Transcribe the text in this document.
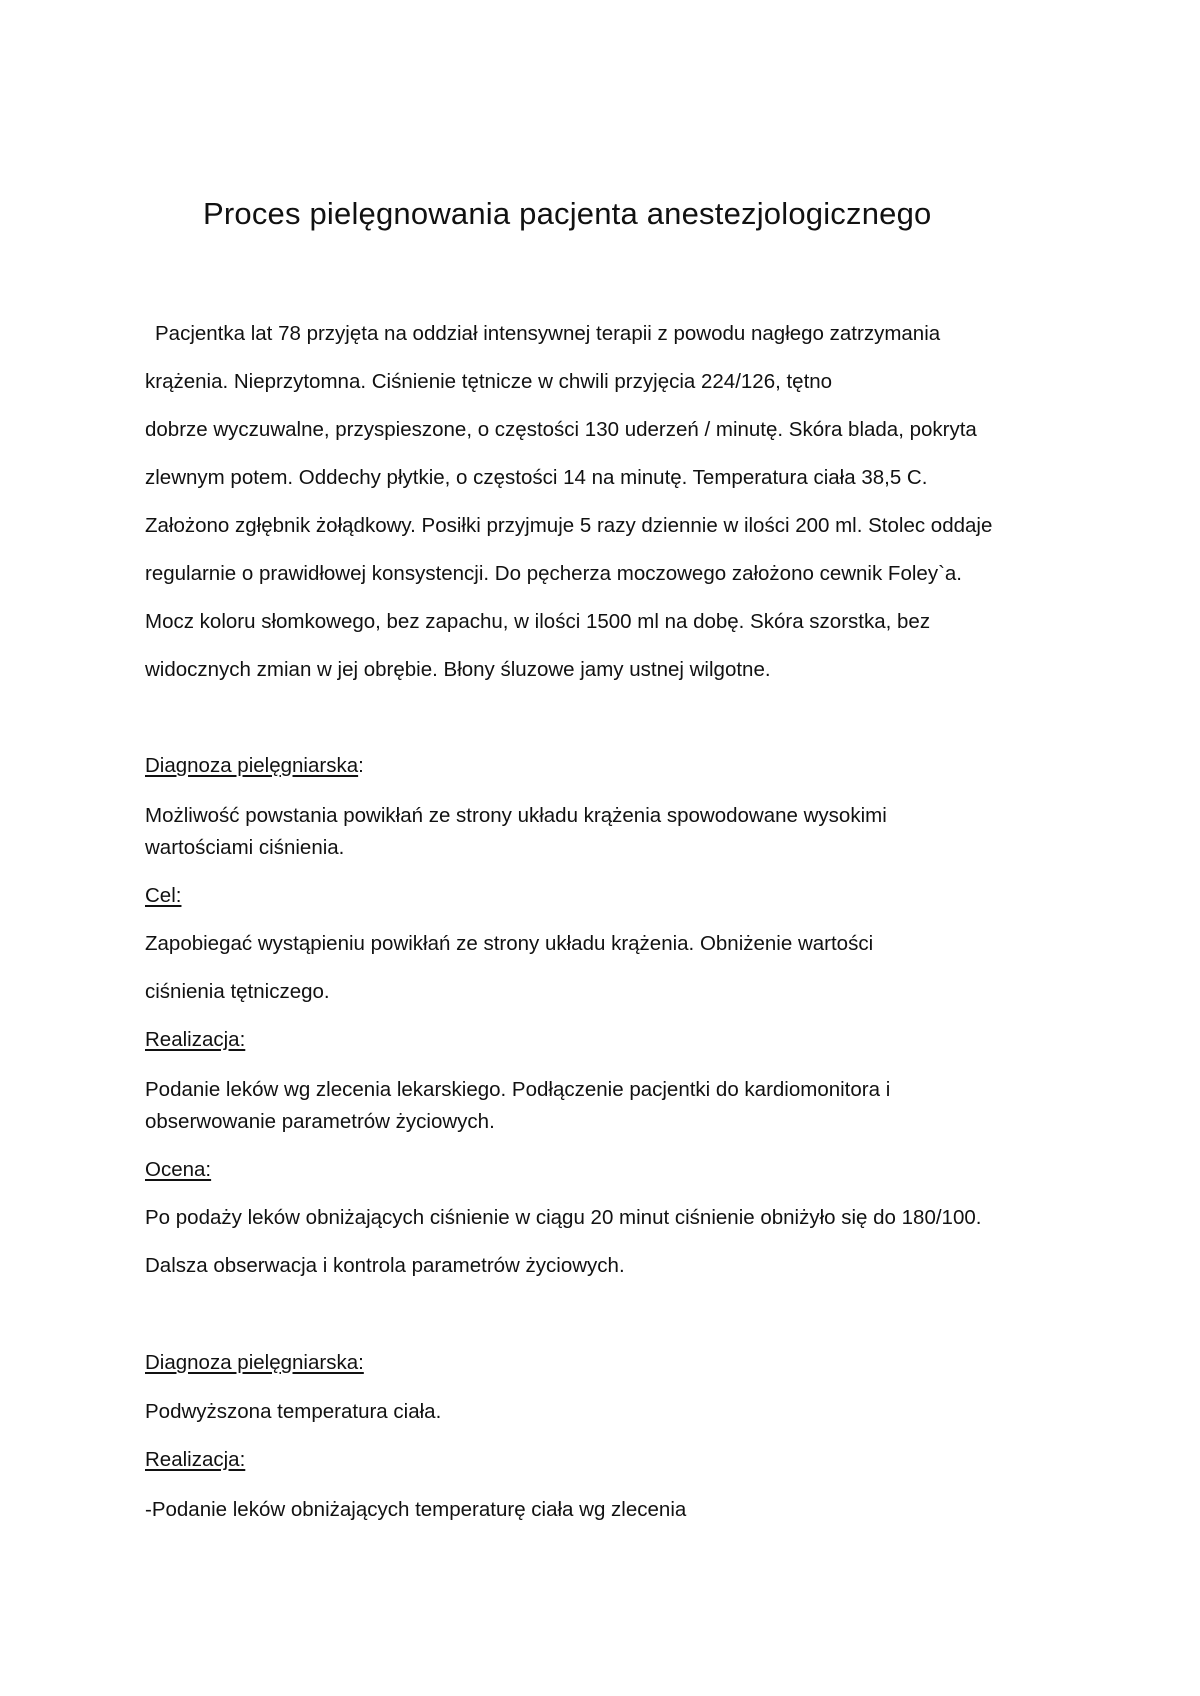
Proces pielęgnowania pacjenta anestezjologicznego
Pacjentka lat 78 przyjęta na oddział intensywnej terapii z powodu nagłego zatrzymania
krążenia. Nieprzytomna. Ciśnienie tętnicze w chwili przyjęcia 224/126, tętno
dobrze wyczuwalne, przyspieszone, o częstości 130 uderzeń / minutę. Skóra blada, pokryta
zlewnym potem. Oddechy płytkie, o częstości 14 na minutę. Temperatura ciała 38,5 C.
Założono zgłębnik żołądkowy. Posiłki przyjmuje 5 razy dziennie w ilości 200 ml. Stolec oddaje
regularnie o prawidłowej konsystencji. Do pęcherza moczowego założono cewnik Foley`a.
Mocz koloru słomkowego, bez zapachu, w ilości 1500 ml na dobę. Skóra szorstka, bez
widocznych zmian w jej obrębie. Błony śluzowe jamy ustnej wilgotne.
Diagnoza pielęgniarska:
Możliwość powstania powikłań ze strony układu krążenia spowodowane wysokimi
wartościami ciśnienia.
Cel:
Zapobiegać wystąpieniu powikłań ze strony układu krążenia. Obniżenie wartości
ciśnienia tętniczego.
Realizacja:
Podanie leków wg zlecenia lekarskiego. Podłączenie pacjentki do kardiomonitora i
obserwowanie parametrów życiowych.
Ocena:
Po podaży leków obniżających ciśnienie w ciągu 20 minut ciśnienie obniżyło się do 180/100.
Dalsza obserwacja i kontrola parametrów życiowych.
Diagnoza pielęgniarska:
Podwyższona temperatura ciała.
Realizacja:
-Podanie leków obniżających temperaturę ciała wg zlecenia
